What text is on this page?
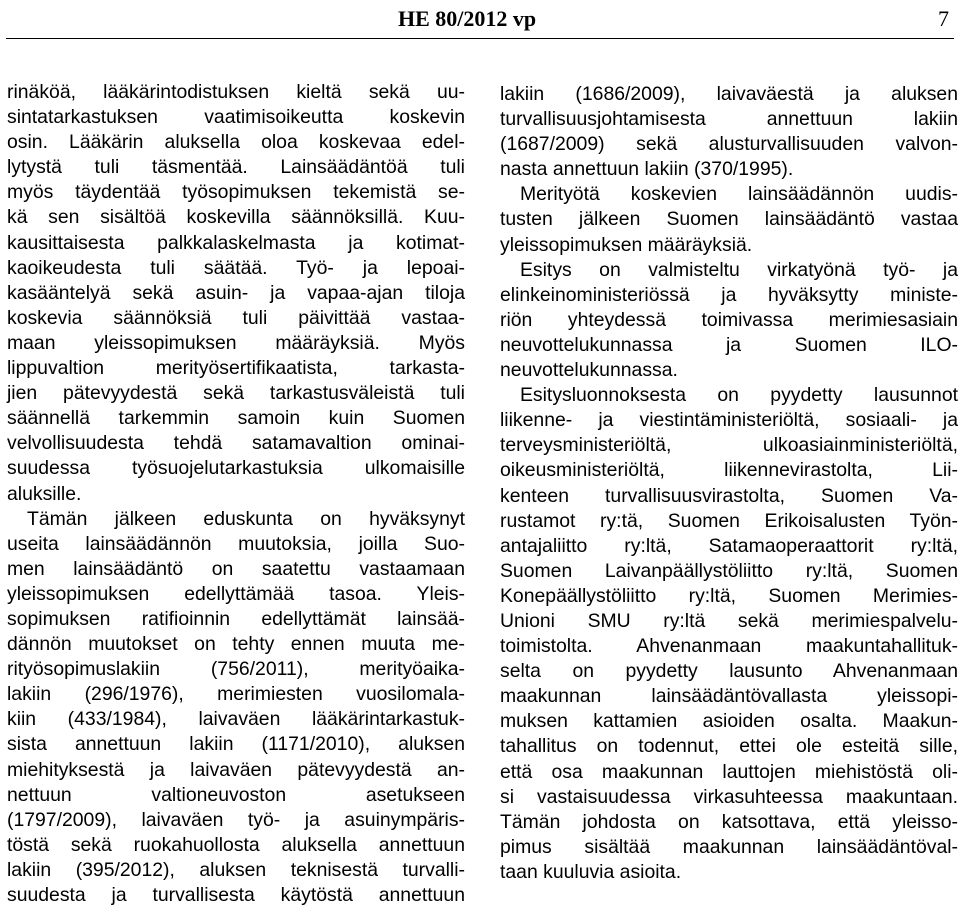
HE 80/2012 vp	7
rinäköä, lääkärintodistuksen kieltä sekä uu-
sintatarkastuksen vaatimisoikeutta koskevin
osin. Lääkärin aluksella oloa koskevaa edel-
lytystä tuli täsmentää. Lainsäädäntöä tuli
myös täydentää työsopimuksen tekemistä se-
kä sen sisältöä koskevilla säännöksillä. Kuu-
kausittaisesta palkkalaskelmasta ja kotimat-
kaoikeudesta tuli säätää. Työ- ja lepoai-
kasääntelyä sekä asuin- ja vapaa-ajan tiloja
koskevia säännöksiä tuli päivittää vastaa-
maan yleissopimuksen määräyksiä. Myös
lippuvaltion merityösertifikaatista, tarkasta-
jien pätevyydestä sekä tarkastusväleistä tuli
säännellä tarkemmin samoin kuin Suomen
velvollisuudesta tehdä satamavaltion ominai-
suudessa työsuojelutarkastuksia ulkomaisille
aluksille.
Tämän jälkeen eduskunta on hyväksynyt
useita lainsäädännön muutoksia, joilla Suo-
men lainsäädäntö on saatettu vastaamaan
yleissopimuksen edellyttämää tasoa. Yleis-
sopimuksen ratifioinnin edellyttämät lainsää-
dännön muutokset on tehty ennen muuta me-
rityösopimuslakiin (756/2011), merityöaika-
lakiin (296/1976), merimiesten vuosilomala-
kiin (433/1984), laivaväen lääkärintarkastuk-
sista annettuun lakiin (1171/2010), aluksen
miehityksestä ja laivaväen pätevyydestä an-
nettuun valtioneuvoston asetukseen
(1797/2009), laivaväen työ- ja asuinympäris-
töstä sekä ruokahuollosta aluksella annettuun
lakiin (395/2012), aluksen teknisestä turvalli-
suudesta ja turvallisesta käytöstä annettuun
lakiin (1686/2009), laivaväestä ja aluksen
turvallisuusjohtamisesta annettuun lakiin
(1687/2009) sekä alusturvallisuuden valvon-
nasta annettuun lakiin (370/1995).
Merityötä koskevien lainsäädännön uudis-
tusten jälkeen Suomen lainsäädäntö vastaa
yleissopimuksen määräyksiä.
Esitys on valmisteltu virkatyönä työ- ja
elinkeinoministeriössä ja hyväksytty ministe-
riön yhteydessä toimivassa merimiesasiain
neuvottelukunnassa ja Suomen ILO-
neuvottelukunnassa.
Esitysluonnoksesta on pyydetty lausunnot
liikenne- ja viestintäministeriöltä, sosiaali- ja
terveysministeriöltä, ulkoasiainministeriöltä,
oikeusministeriöltä, liikennevirastolta, Lii-
kenteen turvallisuusvirastolta, Suomen Va-
rustamot ry:tä, Suomen Erikoisalusten Työn-
antajaliitto ry:ltä, Satamaoperaattorit ry:ltä,
Suomen Laivanpäällystöliitto ry:ltä, Suomen
Konepäällystöliitto ry:ltä, Suomen Merimies-
Unioni SMU ry:ltä sekä merimiespalvelu-
toimistolta. Ahvenanmaan maakuntahallituk-
selta on pyydetty lausunto Ahvenanmaan
maakunnan lainsäädäntövallasta yleissopi-
muksen kattamien asioiden osalta. Maakun-
tahallitus on todennut, ettei ole esteitä sille,
että osa maakunnan lauttojen miehistöstä oli-
si vastaisuudessa virkasuhteessa maakuntaan.
Tämän johdosta on katsottava, että yleisso-
pimus sisältää maakunnan lainsäädäntöval-
taan kuuluvia asioita.
